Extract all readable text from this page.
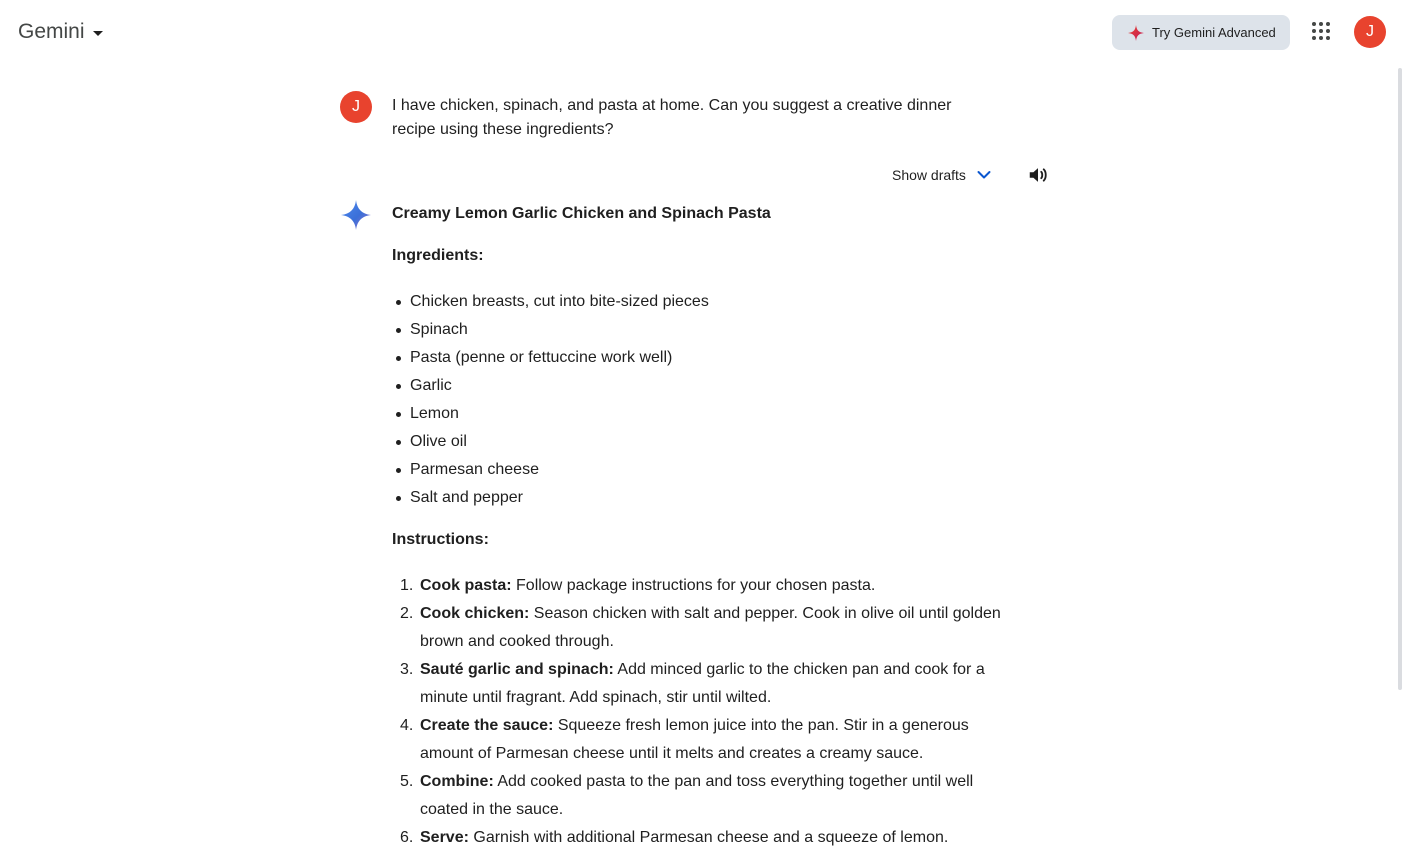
Gemini	Try Gemini Advanced	J
J	I have chicken, spinach, and pasta at home. Can you suggest a creative dinner recipe using these ingredients?
Show drafts
Creamy Lemon Garlic Chicken and Spinach Pasta
Ingredients:
Chicken breasts, cut into bite-sized pieces
Spinach
Pasta (penne or fettuccine work well)
Garlic
Lemon
Olive oil
Parmesan cheese
Salt and pepper
Instructions:
1. Cook pasta: Follow package instructions for your chosen pasta.
2. Cook chicken: Season chicken with salt and pepper. Cook in olive oil until golden brown and cooked through.
3. Sauté garlic and spinach: Add minced garlic to the chicken pan and cook for a minute until fragrant. Add spinach, stir until wilted.
4. Create the sauce: Squeeze fresh lemon juice into the pan. Stir in a generous amount of Parmesan cheese until it melts and creates a creamy sauce.
5. Combine: Add cooked pasta to the pan and toss everything together until well coated in the sauce.
6. Serve: Garnish with additional Parmesan cheese and a squeeze of lemon.
